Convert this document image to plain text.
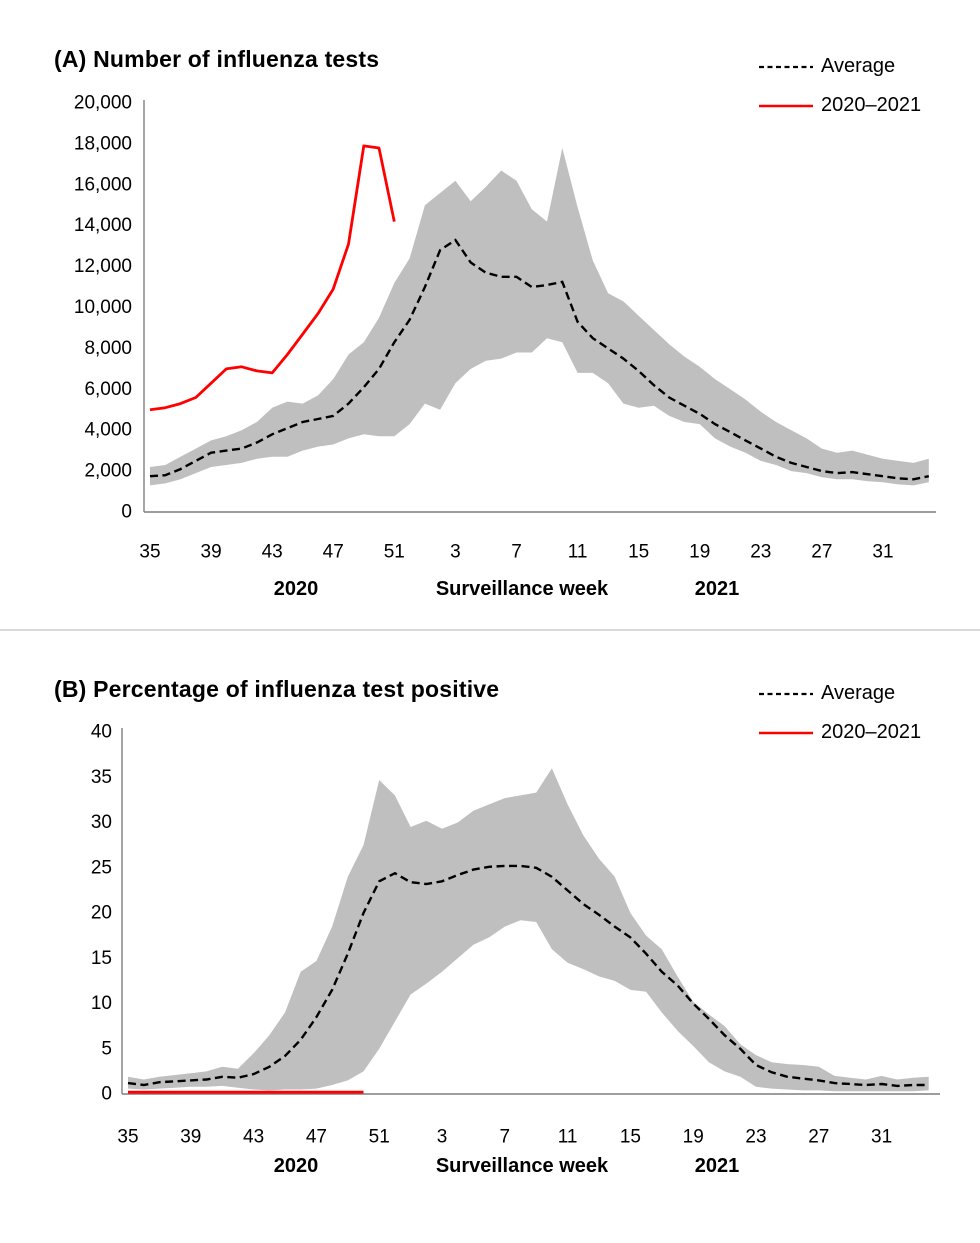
0
2,000
4,000
6,000
8,000
10,000
12,000
14,000
16,000
18,000
20,000
35 39 43 47 51 3	7 11 15 19 23 27 31
0
5
10
15
20
25
30
35
40
35 39 43 47 51 3	7	11 15 19 23 27 31
(A) Number of influenza tests	Average
2020–2021
2020	Surveillance week	2021
(B) Percentage of influenza test positive	Average
2020–2021
2020	Surveillance week	2021
